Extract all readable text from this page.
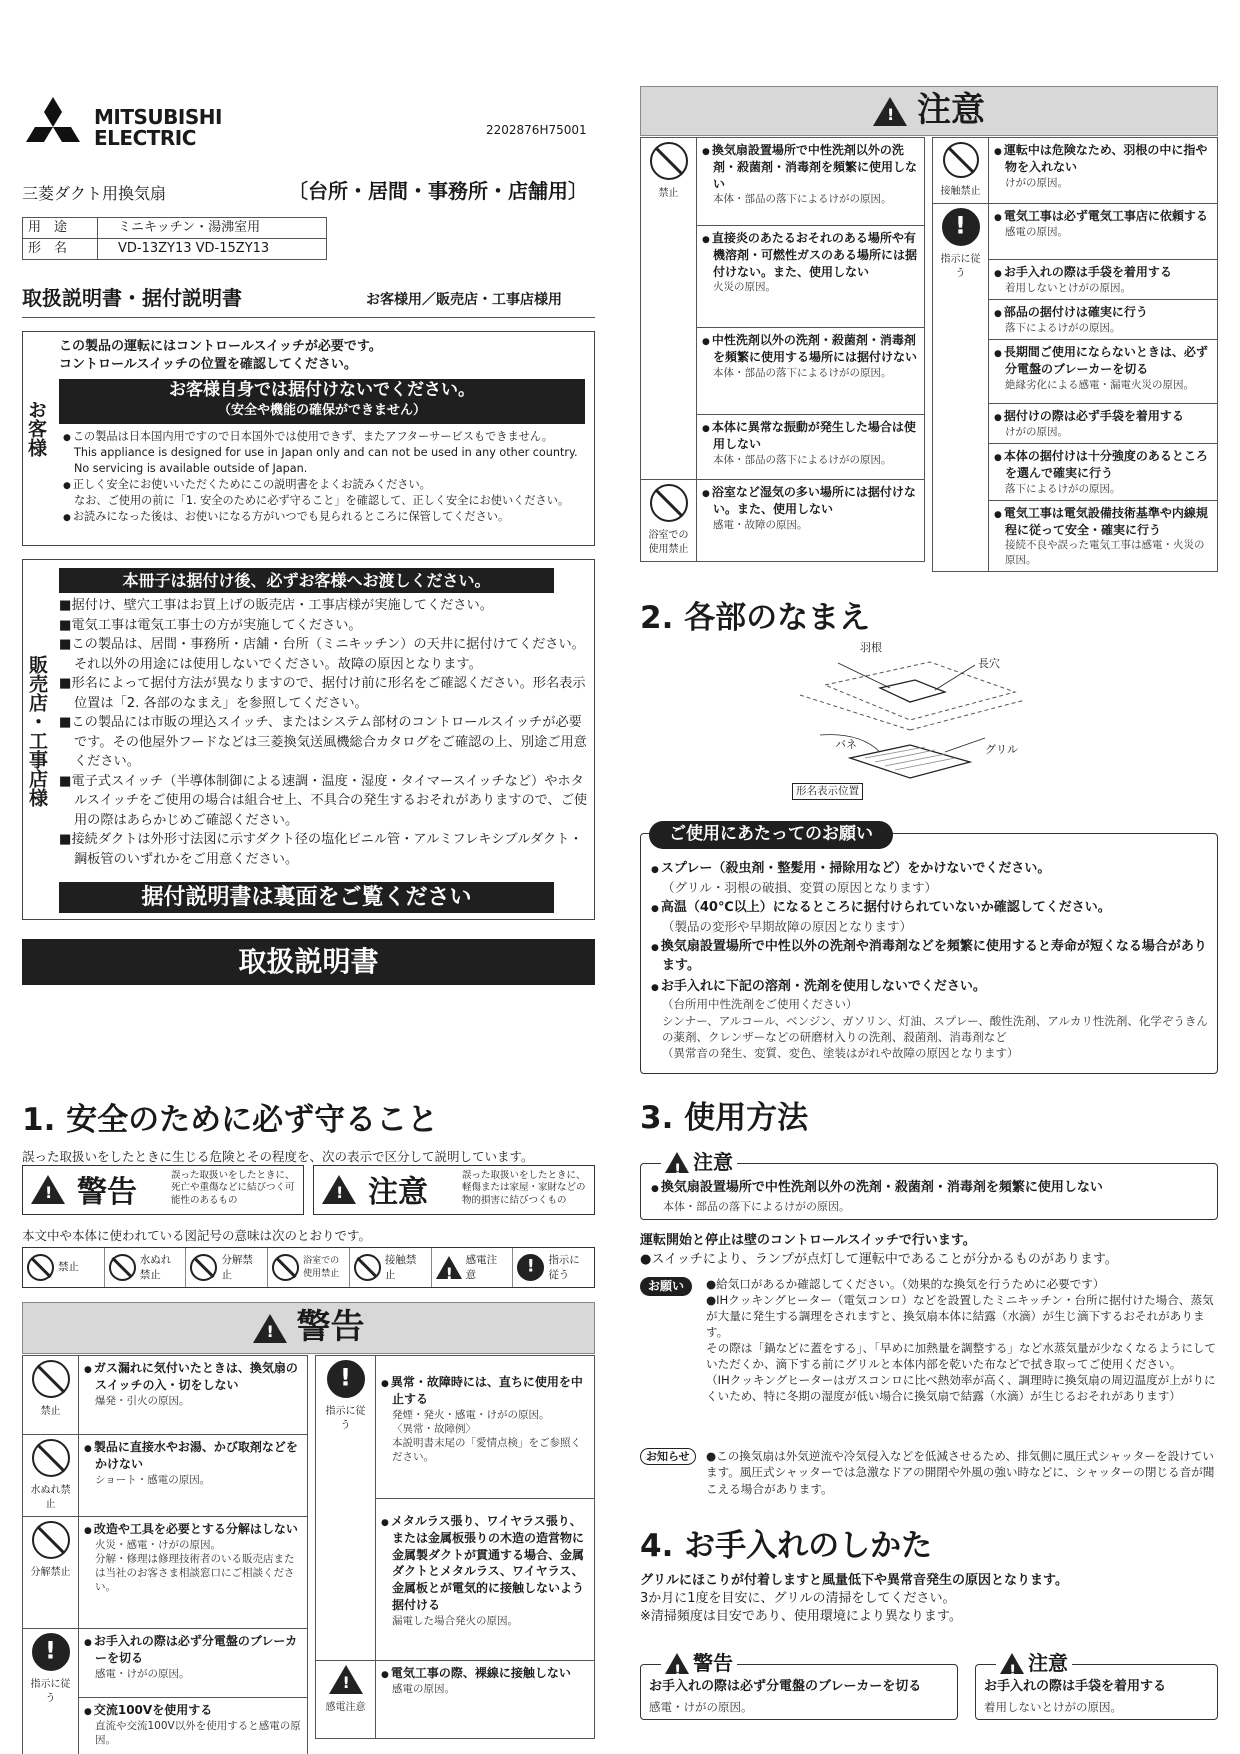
MITSUBISHI
ELECTRIC	2202876H75001
三菱ダクト用換気扇	〔台所・居間・事務所・店舗用〕
用　途	ミニキッチン・湯沸室用
形　名	VD-13ZY13 VD-15ZY13
取扱説明書・据付説明書	お客様用／販売店・工事店様用
お客様
この製品の運転にはコントロールスイッチが必要です。
コントロールスイッチの位置を確認してください。
お客様自身では据付けないでください。
（安全や機能の確保ができません）
● この製品は日本国内用ですので日本国外では使用できず、またアフターサービスもできません。
This appliance is designed for use in Japan only and can not be used in any other country.
No servicing is available outside of Japan.
● 正しく安全にお使いいただくためにこの説明書をよくお読みください。
なお、ご使用の前に「1. 安全のために必ず守ること」を確認して、正しく安全にお使いください。
● お読みになった後は、お使いになる方がいつでも見られるところに保管してください。
販売店・工事店様
本冊子は据付け後、必ずお客様へお渡しください。
■据付け、壁穴工事はお買上げの販売店・工事店様が実施してください。
■電気工事は電気工事士の方が実施してください。
■この製品は、居間・事務所・店舗・台所（ミニキッチン）の天井に据付けてください。それ以外の用途には使用しないでください。故障の原因となります。
■形名によって据付方法が異なりますので、据付け前に形名をご確認ください。形名表示位置は「2. 各部のなまえ」を参照してください。
■この製品には市販の埋込スイッチ、またはシステム部材のコントロールスイッチが必要です。その他屋外フードなどは三菱換気送風機総合カタログをご確認の上、別途ご用意ください。
■電子式スイッチ（半導体制御による速調・温度・湿度・タイマースイッチなど）やホタルスイッチをご使用の場合は組合せ上、不具合の発生するおそれがありますので、ご使用の際はあらかじめご確認ください。
■接続ダクトは外形寸法図に示すダクト径の塩化ビニル管・アルミフレキシブルダクト・鋼板管のいずれかをご用意ください。
据付説明書は裏面をご覧ください
取扱説明書
1. 安全のために必ず守ること
誤った取扱いをしたときに生じる危険とその程度を、次の表示で区分して説明しています。
!
警告	誤った取扱いをしたときに、死亡や重傷などに結びつく可能性のあるもの !	注意	誤った取扱いをしたときに、軽傷または家屋・家財などの物的損害に結びつくもの
本文中や本体に使われている図記号の意味は次のとおりです。
禁止
水ぬれ禁止
分解禁止
浴室での使用禁止
接触禁止
!
感電注意
!
指示に従う
!
警告
禁止	● ガス漏れに気付いたときは、換気扇のスイッチの入・切をしない
爆発・引火の原因。

水ぬれ禁止	● 製品に直接水やお湯、かび取剤などをかけない
ショート・感電の原因。

分解禁止	● 改造や工具を必要とする分解はしない
火災・感電・けがの原因。
分解・修理は修理技術者のいる販売店または当社のお客さま相談窓口にご相談ください。

!
指示に従う	● お手入れの際は必ず分電盤のブレーカーを切る
感電・けがの原因。

	● 交流100Vを使用する
直流や交流100V以外を使用すると感電の原因。
!
指示に従う	● 異常・故障時には、直ちに使用を中止する
発煙・発火・感電・けがの原因。
〈異常・故障例〉
本説明書末尾の「愛情点検」をご参照ください。

	● メタルラス張り、ワイヤラス張り、または金属板張りの木造の造営物に金属製ダクトが貫通する場合、金属ダクトとメタルラス、ワイヤラス、金属板とが電気的に接触しないよう据付ける
漏電した場合発火の原因。

!
感電注意	● 電気工事の際、裸線に接触しない
感電の原因。
!
注意
禁止	● 換気扇設置場所で中性洗剤以外の洗剤・殺菌剤・消毒剤を頻繁に使用しない
本体・部品の落下によるけがの原因。

	● 直接炎のあたるおそれのある場所や有機溶剤・可燃性ガスのある場所には据付けない。また、使用しない
火災の原因。

	● 中性洗剤以外の洗剤・殺菌剤・消毒剤を頻繁に使用する場所には据付けない
本体・部品の落下によるけがの原因。

	● 本体に異常な振動が発生した場合は使用しない
本体・部品の落下によるけがの原因。

浴室での使用禁止	● 浴室など湿気の多い場所には据付けない。また、使用しない
感電・故障の原因。
接触禁止	● 運転中は危険なため、羽根の中に指や物を入れない
けがの原因。

!
指示に従う	● 電気工事は必ず電気工事店に依頼する
感電の原因。

	● お手入れの際は手袋を着用する
着用しないとけがの原因。

	● 部品の据付けは確実に行う
落下によるけがの原因。

	● 長期間ご使用にならないときは、必ず分電盤のブレーカーを切る
絶縁劣化による感電・漏電火災の原因。

	● 据付けの際は必ず手袋を着用する
けがの原因。

	● 本体の据付けは十分強度のあるところを選んで確実に行う
落下によるけがの原因。

	● 電気工事は電気設備技術基準や内線規程に従って安全・確実に行う
接続不良や誤った電気工事は感電・火災の原因。
2. 各部のなまえ
羽根
長穴
バネ	グリル
形名表示位置
ご使用にあたってのお願い
● スプレー（殺虫剤・整髪用・掃除用など）をかけないでください。
（グリル・羽根の破損、変質の原因となります）
● 高温（40℃以上）になるところに据付けられていないか確認してください。
（製品の変形や早期故障の原因となります）
● 換気扇設置場所で中性以外の洗剤や消毒剤などを頻繁に使用すると寿命が短くなる場合があります。
● お手入れに下記の溶剤・洗剤を使用しないでください。
（台所用中性洗剤をご使用ください）
シンナー、アルコール、ベンジン、ガソリン、灯油、スプレー、酸性洗剤、アルカリ性洗剤、化学ぞうきんの薬剤、クレンザーなどの研磨材入りの洗剤、殺菌剤、消毒剤など
（異常音の発生、変質、変色、塗装はがれや故障の原因となります）
3. 使用方法
!
注意
● 換気扇設置場所で中性洗剤以外の洗剤・殺菌剤・消毒剤を頻繁に使用しない
本体・部品の落下によるけがの原因。
運転開始と停止は壁のコントロールスイッチで行います。
●スイッチにより、ランプが点灯して運転中であることが分かるものがあります。
お願い	●給気口があるか確認してください。（効果的な換気を行うために必要です）
●IHクッキングヒーター（電気コンロ）などを設置したミニキッチン・台所に据付けた場合、蒸気が大量に発生する調理をされますと、換気扇本体に結露（水滴）が生じ滴下するおそれがあります。
その際は「鍋などに蓋をする」、「早めに加熱量を調整する」など水蒸気量が少なくなるようにしていただくか、滴下する前にグリルと本体内部を乾いた布などで拭き取ってご使用ください。
（IHクッキングヒーターはガスコンロに比べ熱効率が高く、調理時に換気扇の周辺温度が上がりにくいため、特に冬期の湿度が低い場合に換気扇で結露（水滴）が生じるおそれがあります）
お知らせ	●この換気扇は外気逆流や冷気侵入などを低減させるため、排気側に風圧式シャッターを設けています。風圧式シャッターでは急激なドアの開閉や外風の強い時などに、シャッターの閉じる音が聞こえる場合があります。
4. お手入れのしかた
グリルにほこりが付着しますと風量低下や異常音発生の原因となります。
3か月に1度を目安に、グリルの清掃をしてください。
※清掃頻度は目安であり、使用環境により異なります。
!
警告
お手入れの際は必ず分電盤のブレーカーを切る
感電・けがの原因。
!
注意
お手入れの際は手袋を着用する
着用しないとけがの原因。
